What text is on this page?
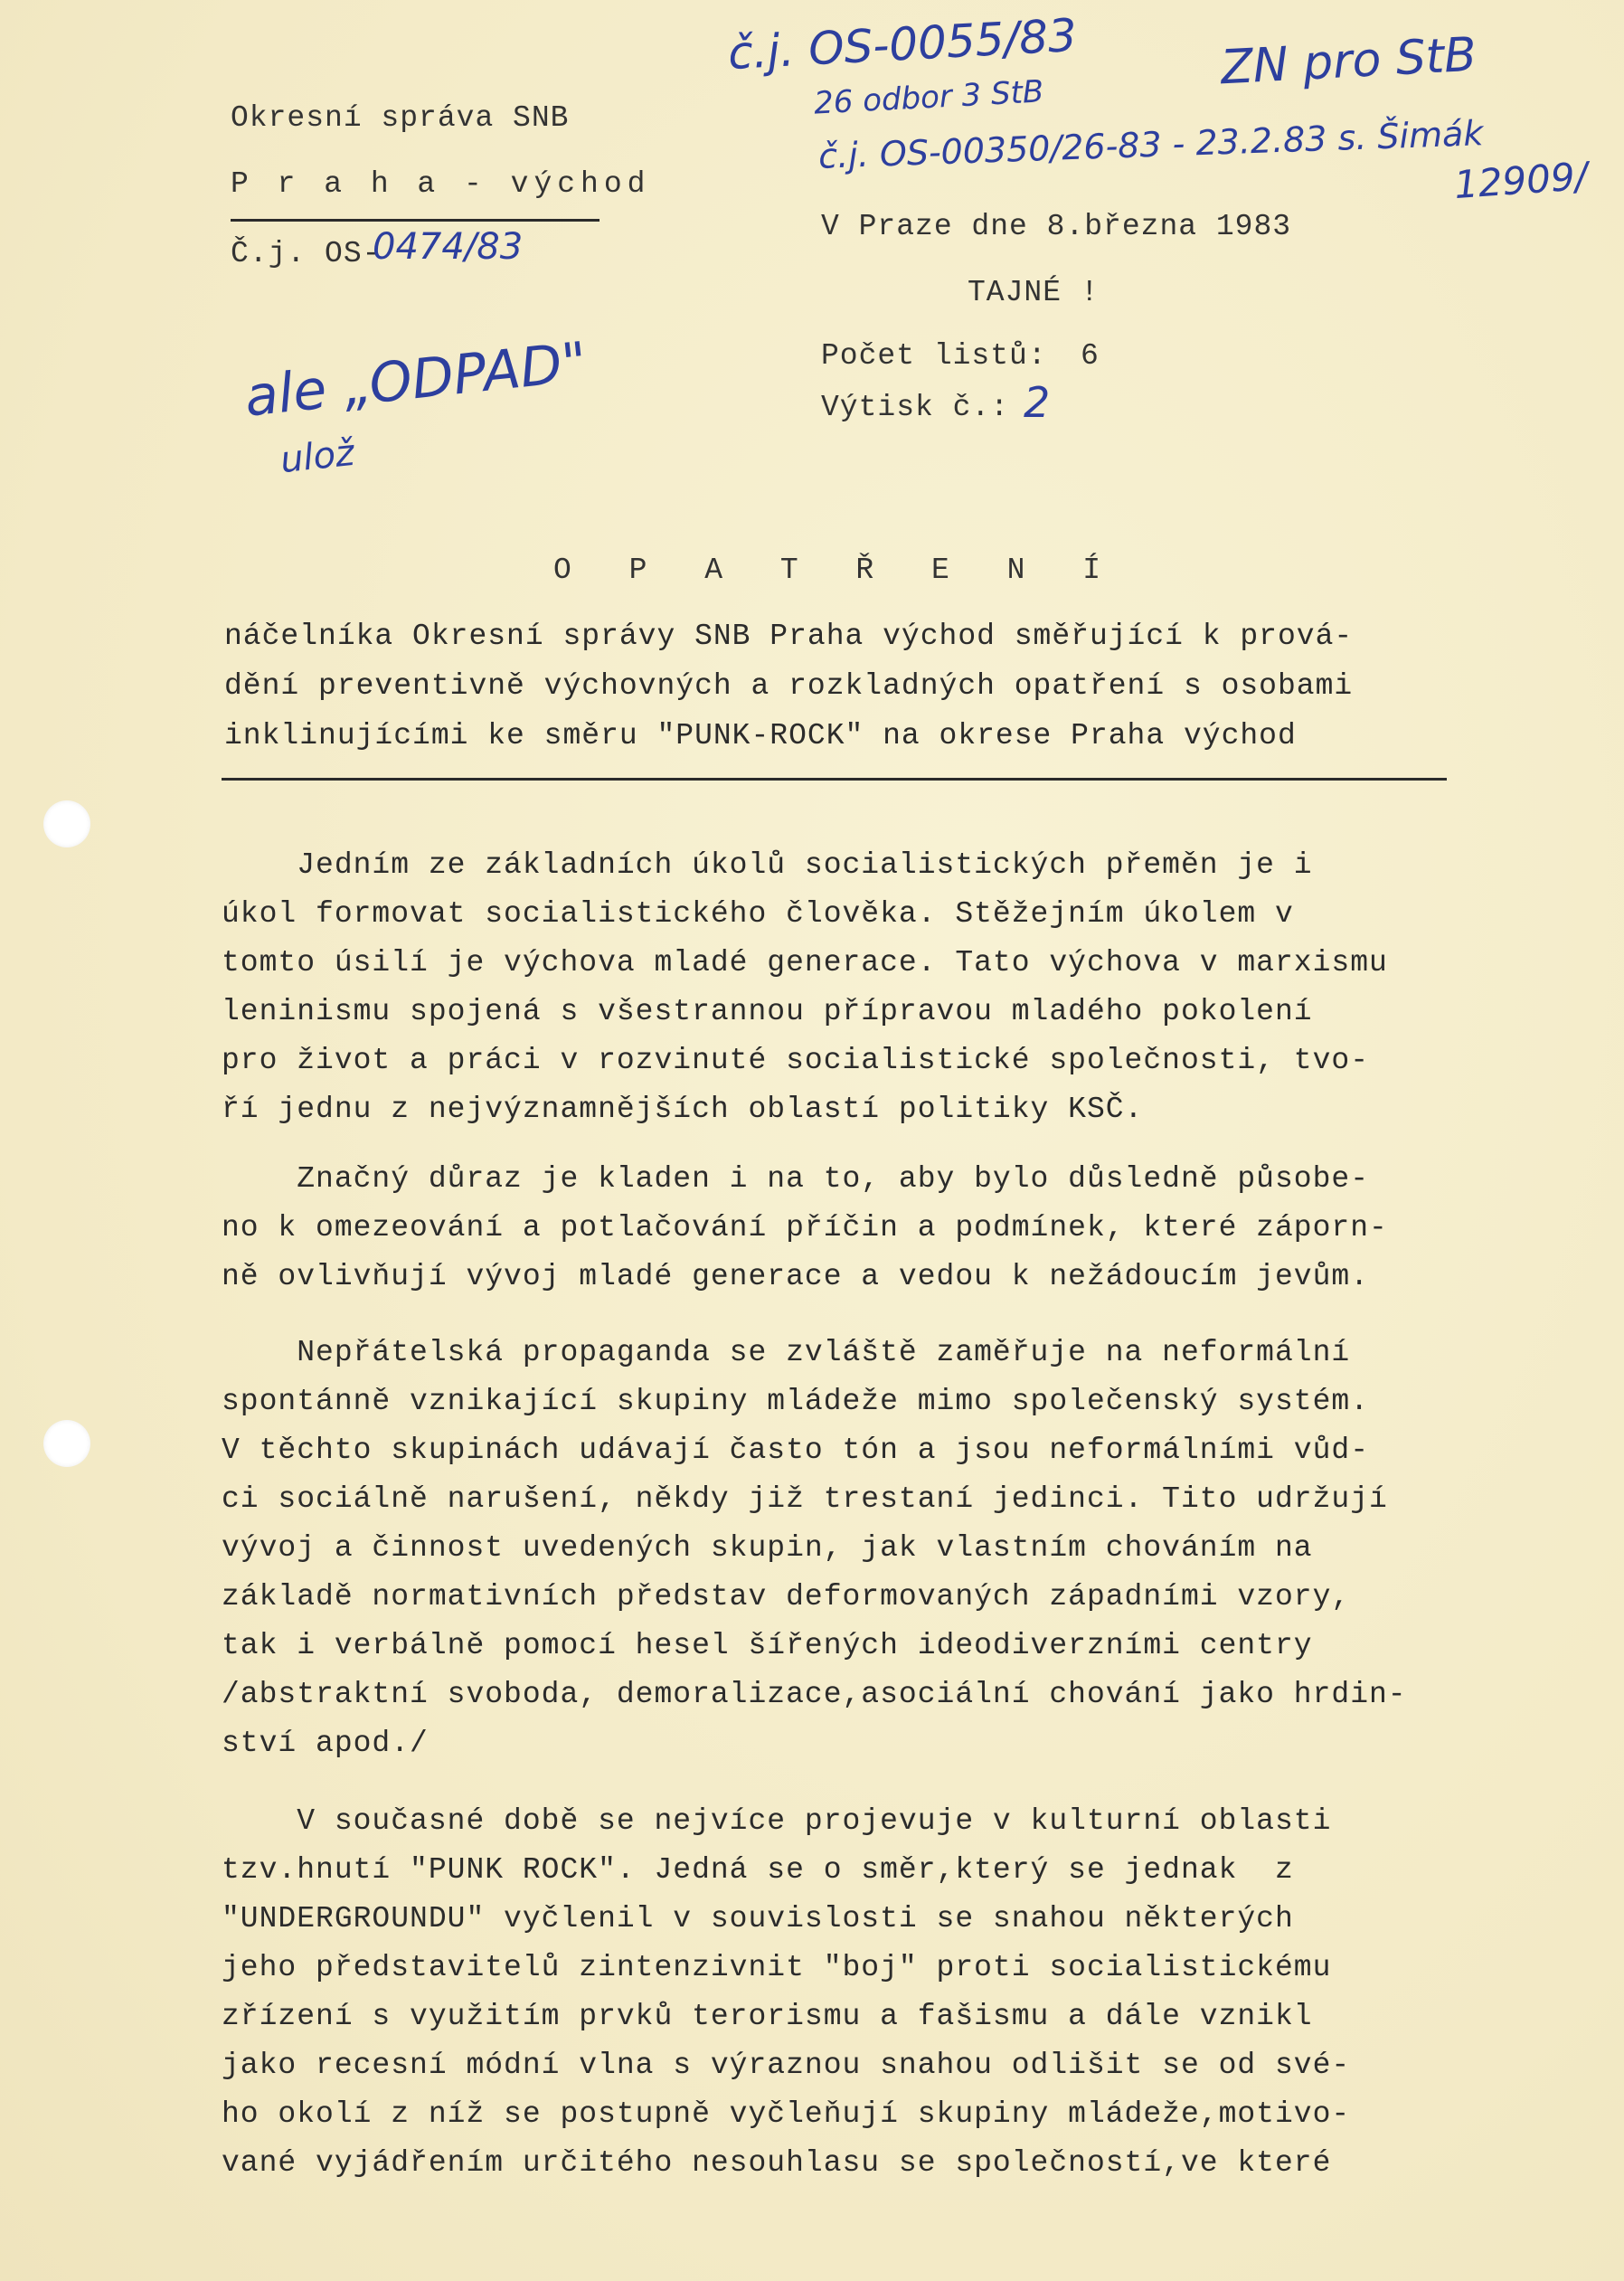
Okresní správa SNB
P r a h a - východ
Č.j. OS-
0474/83
č.j. OS-0055/83
26 odbor 3 StB
č.j. OS-00350/26-83 - 23.2.83 s. Šimák
ZN pro StB
12909/
V Praze dne 8.března 1983
TAJNÉ !
Počet listů: 6
Výtisk č.: 2
ale „ODPAD"
ulož
O P A T Ř E N Í
náčelníka Okresní správy SNB Praha východ směřující k prová-
dění preventivně výchovných a rozkladných opatření s osobami
inklinujícími ke směru "PUNK-ROCK" na okrese Praha východ
Jedním ze základních úkolů socialistických přeměn je i
úkol formovat socialistického člověka. Stěžejním úkolem v
tomto úsilí je výchova mladé generace. Tato výchova v marxismu
leninismu spojená s všestrannou přípravou mladého pokolení
pro život a práci v rozvinuté socialistické společnosti, tvo-
ří jednu z nejvýznamnějších oblastí politiky KSČ.
Značný důraz je kladen i na to, aby bylo důsledně působe-
no k omezeování a potlačování příčin a podmínek, které záporn-
ně ovlivňují vývoj mladé generace a vedou k nežádoucím jevům.
Nepřátelská propaganda se zvláště zaměřuje na neformální
spontánně vznikající skupiny mládeže mimo společenský systém.
V těchto skupinách udávají často tón a jsou neformálními vůd-
ci sociálně narušení, někdy již trestaní jedinci. Tito udržují
vývoj a činnost uvedených skupin, jak vlastním chováním na
základě normativních představ deformovaných západními vzory,
tak i verbálně pomocí hesel šířených ideodiverzními centry
/abstraktní svoboda, demoralizace,asociální chování jako hrdin-
ství apod./
V současné době se nejvíce projevuje v kulturní oblasti
tzv.hnutí "PUNK ROCK". Jedná se o směr,který se jednak  z
"UNDERGROUNDU" vyčlenil v souvislosti se snahou některých
jeho představitelů zintenzivnit "boj" proti socialistickému
zřízení s využitím prvků terorismu a fašismu a dále vznikl
jako recesní módní vlna s výraznou snahou odlišit se od své-
ho okolí z níž se postupně vyčleňují skupiny mládeže,motivo-
vané vyjádřením určitého nesouhlasu se společností,ve které
